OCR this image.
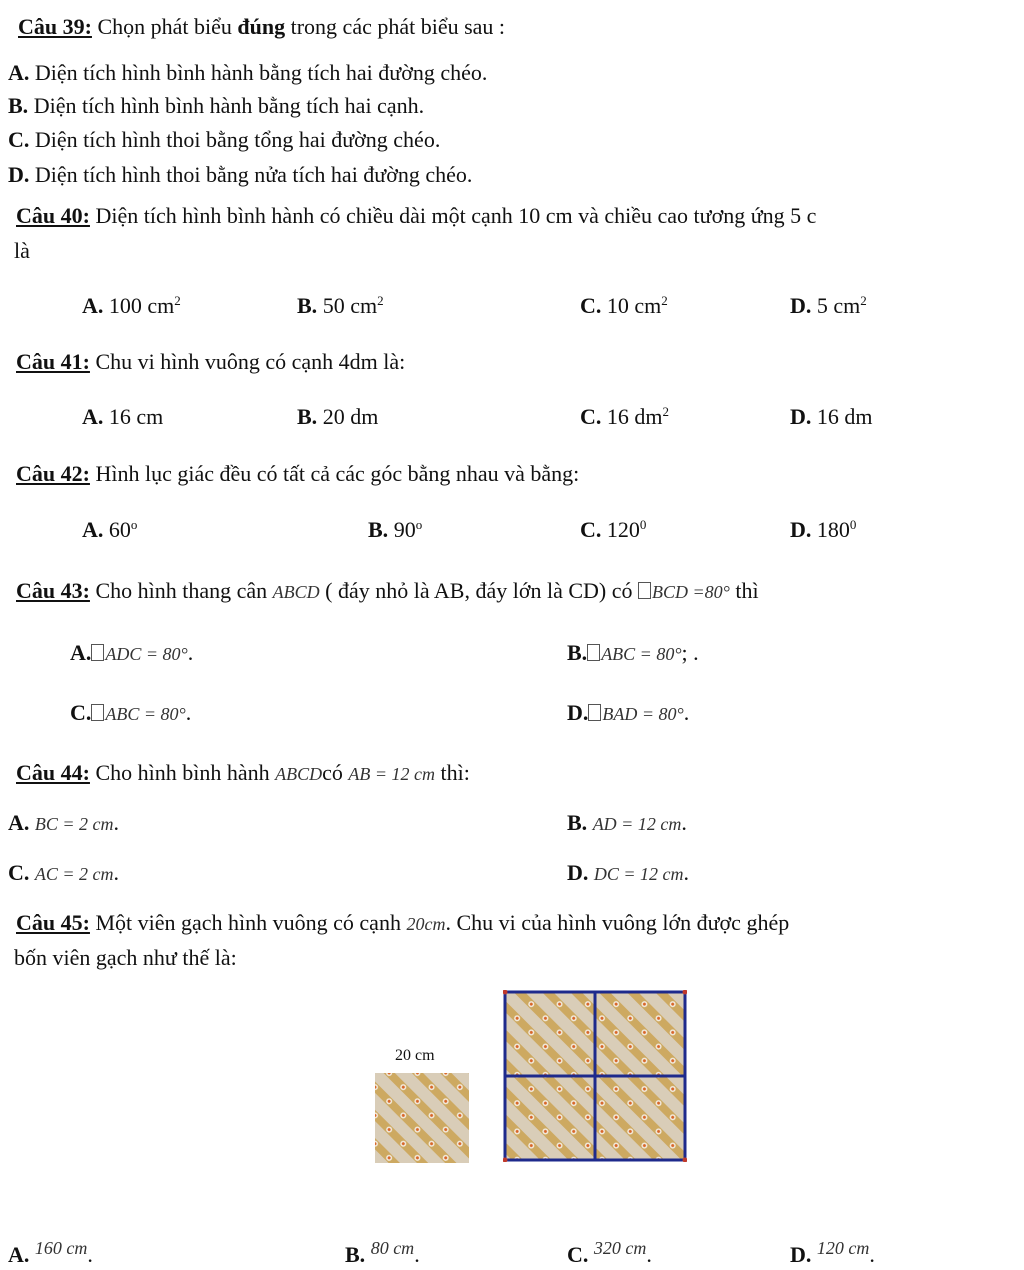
Câu 39: Chọn phát biểu đúng trong các phát biểu sau :
A. Diện tích hình bình hành bằng tích hai đường chéo.
B. Diện tích hình bình hành bằng tích hai cạnh.
C. Diện tích hình thoi bằng tổng hai đường chéo.
D. Diện tích hình thoi bằng nửa tích hai đường chéo.
Câu 40: Diện tích hình bình hành có chiều dài một cạnh 10 cm và chiều cao tương ứng 5 c
là
A. 100 $cm^2$	B. 50 $cm^2$	C. 10 $cm^2$	D. 5 $cm^2$
Câu 41: Chu vi hình vuông có cạnh 4dm là:
A. 16 cm	B. 20 dm	C. 16 $dm^2$	D. 16 dm
Câu 42: Hình lục giác đều có tất cả các góc bằng nhau và bằng:
A. 60$^o$	B. 90$^o$	C. $120^0$	D. $180^0$
Câu 43: Cho hình thang cân ABCD ( đáy nhỏ là AB, đáy lớn là CD) có BCD =80° thì
A. ADC = 80°.	B. ABC = 80°; .
C. ABC = 80°.	D. BAD = 80°.
Câu 44: Cho hình bình hành ABCDcó AB = 12 cm thì:
A. BC = 2 cm.	B. AD = 12 cm.
C. AC = 2 cm.	D. DC = 12 cm.
Câu 45: Một viên gạch hình vuông có cạnh 20cm. Chu vi của hình vuông lớn được ghép
bốn viên gạch như thế là:
20 cm
A. $^{160 cm}$.	B. $^{80 cm}$.	C. $^{320 cm}$.	D. $^{120 cm}$.
